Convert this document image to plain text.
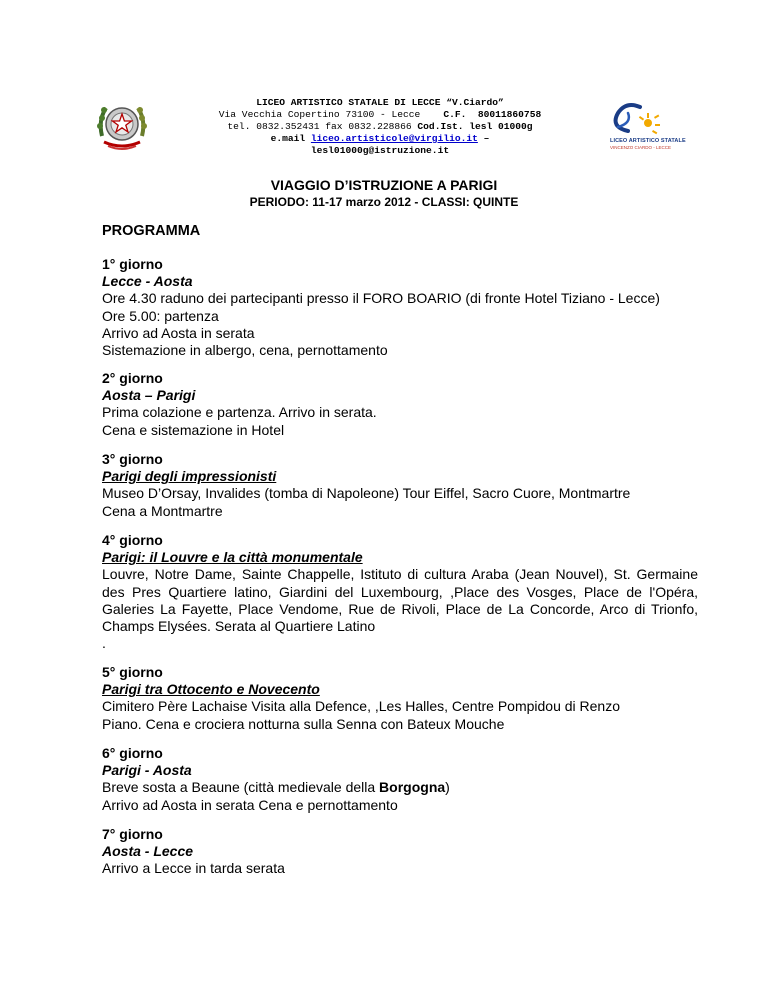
LICEO ARTISTICO STATALE DI LECCE “V.Ciardo”
Via Vecchia Copertino 73100 - Lecce C.F. 80011860758
tel. 0832.352431 fax 0832.228866 Cod.Ist. lesl 01000g
e.mail liceo.artisticole@virgilio.it –
lesl01000g@istruzione.it
LICEO ARTISTICO STATALE
VINCENZO CIARDO - LECCE
VIAGGIO D’ISTRUZIONE A PARIGI
PERIODO: 11-17 marzo 2012 - CLASSI: QUINTE
PROGRAMMA
1° giorno
Lecce - Aosta
Ore 4.30 raduno dei partecipanti presso il FORO BOARIO (di fronte Hotel Tiziano - Lecce)
Ore 5.00: partenza
Arrivo ad Aosta in serata
Sistemazione in albergo, cena, pernottamento
2° giorno
Aosta – Parigi
Prima colazione e partenza. Arrivo in serata.
Cena e sistemazione in Hotel
3° giorno
Parigi degli impressionisti
Museo D’Orsay, Invalides (tomba di Napoleone) Tour Eiffel, Sacro Cuore, Montmartre
Cena a Montmartre
4° giorno
Parigi: il Louvre e la città monumentale
Louvre, Notre Dame, Sainte Chappelle, Istituto di cultura Araba (Jean Nouvel), St. Germaine des Pres Quartiere latino, Giardini del Luxembourg, ,Place des Vosges, Place de l'Opéra, Galeries La Fayette, Place Vendome, Rue de Rivoli, Place de La Concorde, Arco di Trionfo, Champs Elysées. Serata al Quartiere Latino
.
5° giorno
Parigi tra Ottocento e Novecento
Cimitero Père Lachaise Visita alla Defence, ,Les Halles, Centre Pompidou di Renzo
Piano. Cena e crociera notturna sulla Senna con Bateux Mouche
6° giorno
Parigi - Aosta
Breve sosta a Beaune (città medievale della Borgogna)
Arrivo ad Aosta in serata Cena e pernottamento
7° giorno
Aosta - Lecce
Arrivo a Lecce in tarda serata
